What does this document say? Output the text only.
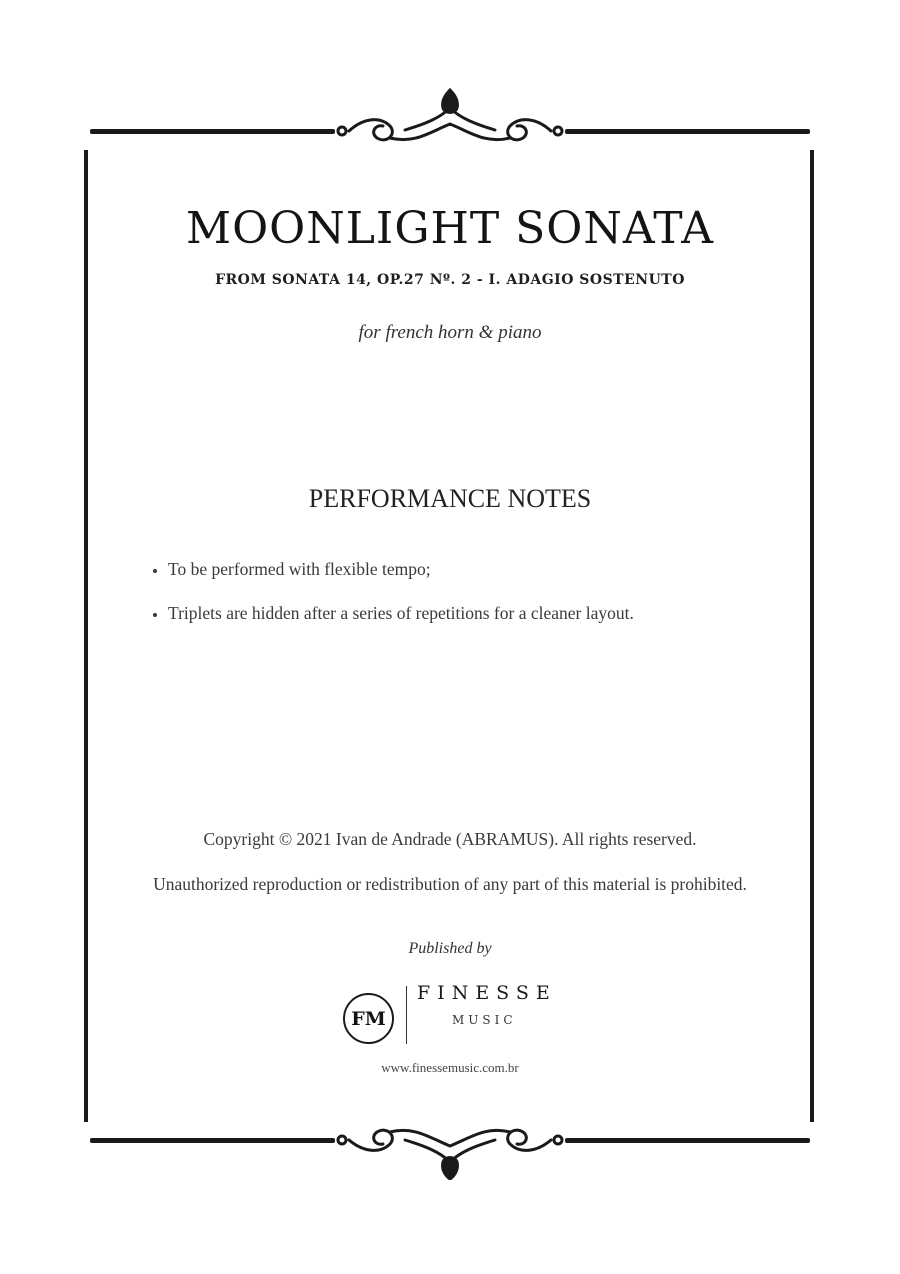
MOONLIGHT SONATA
FROM SONATA 14, OP.27 Nº. 2 - I. ADAGIO SOSTENUTO
for french horn & piano
PERFORMANCE NOTES
• To be performed with flexible tempo;
• Triplets are hidden after a series of repetitions for a cleaner layout.
Copyright © 2021 Ivan de Andrade (ABRAMUS). All rights reserved.
Unauthorized reproduction or redistribution of any part of this material is prohibited.
Published by
FM
FINESSE
MUSIC
www.finessemusic.com.br
